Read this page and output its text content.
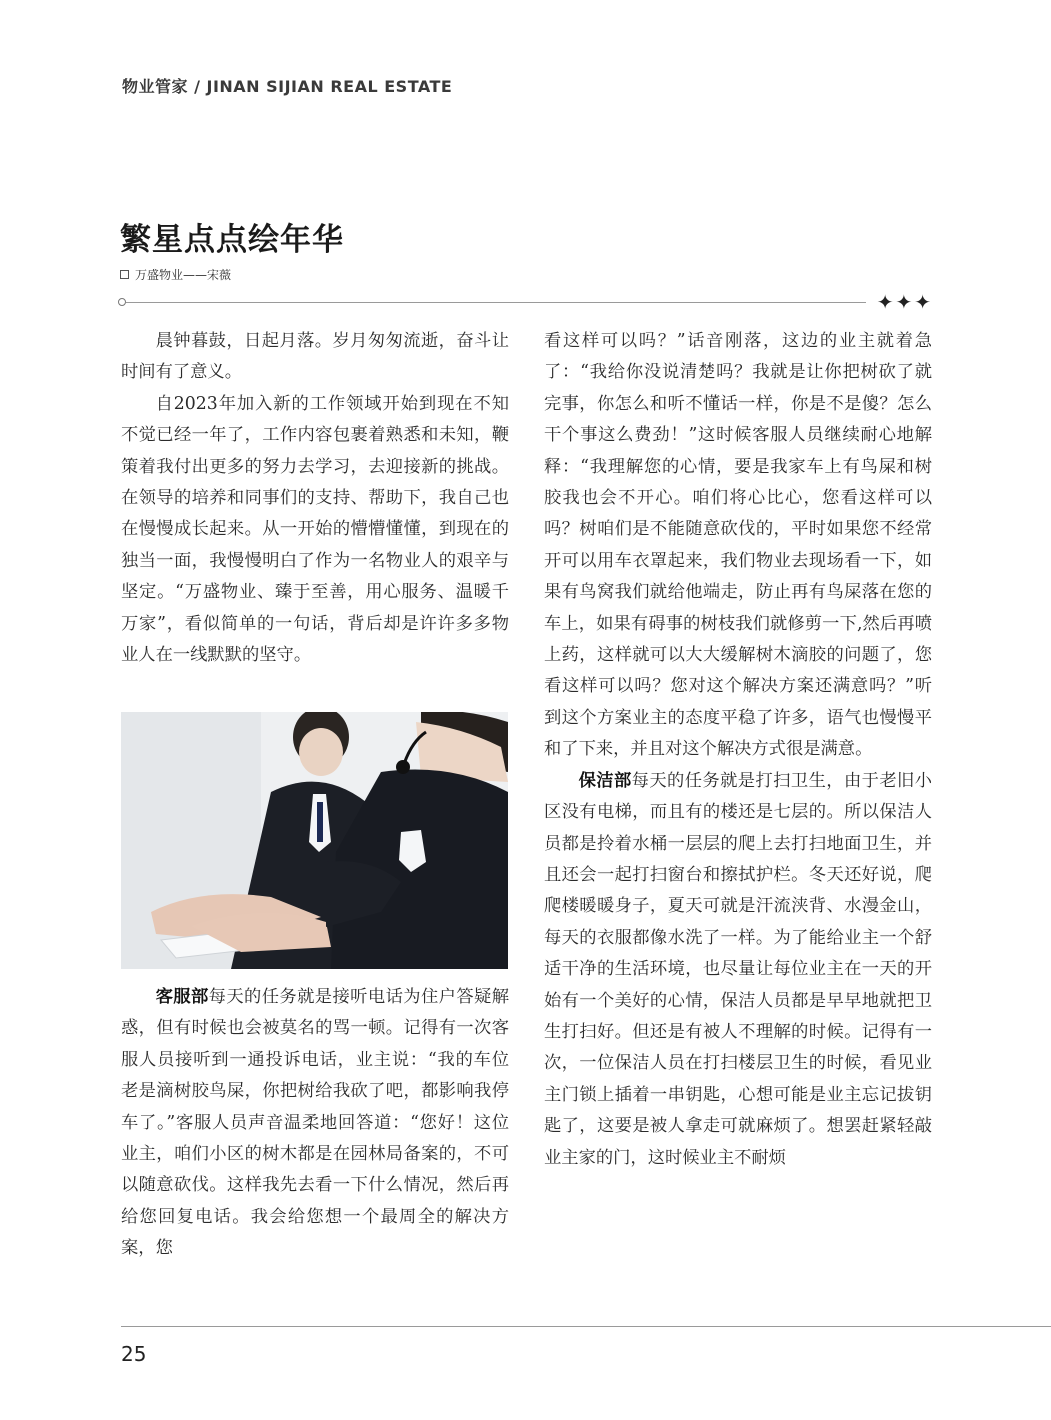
物业管家 / JINAN SIJIAN REAL ESTATE
繁星点点绘年华
万盛物业——宋薇
✦✦✦

晨钟暮鼓，日起月落。岁月匆匆流逝，奋斗让时间有了意义。

自2023年加入新的工作领域开始到现在不知不觉已经一年了，工作内容包裹着熟悉和未知，鞭策着我付出更多的努力去学习，去迎接新的挑战。在领导的培养和同事们的支持、帮助下，我自己也在慢慢成长起来。从一开始的懵懵懂懂，到现在的独当一面，我慢慢明白了作为一名物业人的艰辛与坚定。“万盛物业、臻于至善，用心服务、温暖千万家”，看似简单的一句话，背后却是许许多多物业人在一线默默的坚守。

客服部每天的任务就是接听电话为住户答疑解惑，但有时候也会被莫名的骂一顿。记得有一次客服人员接听到一通投诉电话，业主说：“我的车位老是滴树胶鸟屎，你把树给我砍了吧，都影响我停车了。”客服人员声音温柔地回答道：“您好！这位业主，咱们小区的树木都是在园林局备案的，不可以随意砍伐。这样我先去看一下什么情况，然后再给您回复电话。我会给您想一个最周全的解决方案，您

看这样可以吗？”话音刚落，这边的业主就着急了：“我给你没说清楚吗？我就是让你把树砍了就完事，你怎么和听不懂话一样，你是不是傻？怎么干个事这么费劲！”这时候客服人员继续耐心地解释：“我理解您的心情，要是我家车上有鸟屎和树胶我也会不开心。咱们将心比心，您看这样可以吗？树咱们是不能随意砍伐的，平时如果您不经常开可以用车衣罩起来，我们物业去现场看一下，如果有鸟窝我们就给他端走，防止再有鸟屎落在您的车上，如果有碍事的树枝我们就修剪一下,然后再喷上药，这样就可以大大缓解树木滴胶的问题了，您看这样可以吗？您对这个解决方案还满意吗？”听到这个方案业主的态度平稳了许多，语气也慢慢平和了下来，并且对这个解决方式很是满意。

保洁部每天的任务就是打扫卫生，由于老旧小区没有电梯，而且有的楼还是七层的。所以保洁人员都是拎着水桶一层层的爬上去打扫地面卫生，并且还会一起打扫窗台和擦拭护栏。冬天还好说，爬爬楼暖暖身子，夏天可就是汗流浃背、水漫金山，每天的衣服都像水洗了一样。为了能给业主一个舒适干净的生活环境，也尽量让每位业主在一天的开始有一个美好的心情，保洁人员都是早早地就把卫生打扫好。但还是有被人不理解的时候。记得有一次，一位保洁人员在打扫楼层卫生的时候，看见业主门锁上插着一串钥匙，心想可能是业主忘记拔钥匙了，这要是被人拿走可就麻烦了。想罢赶紧轻敲业主家的门，这时候业主不耐烦

25
